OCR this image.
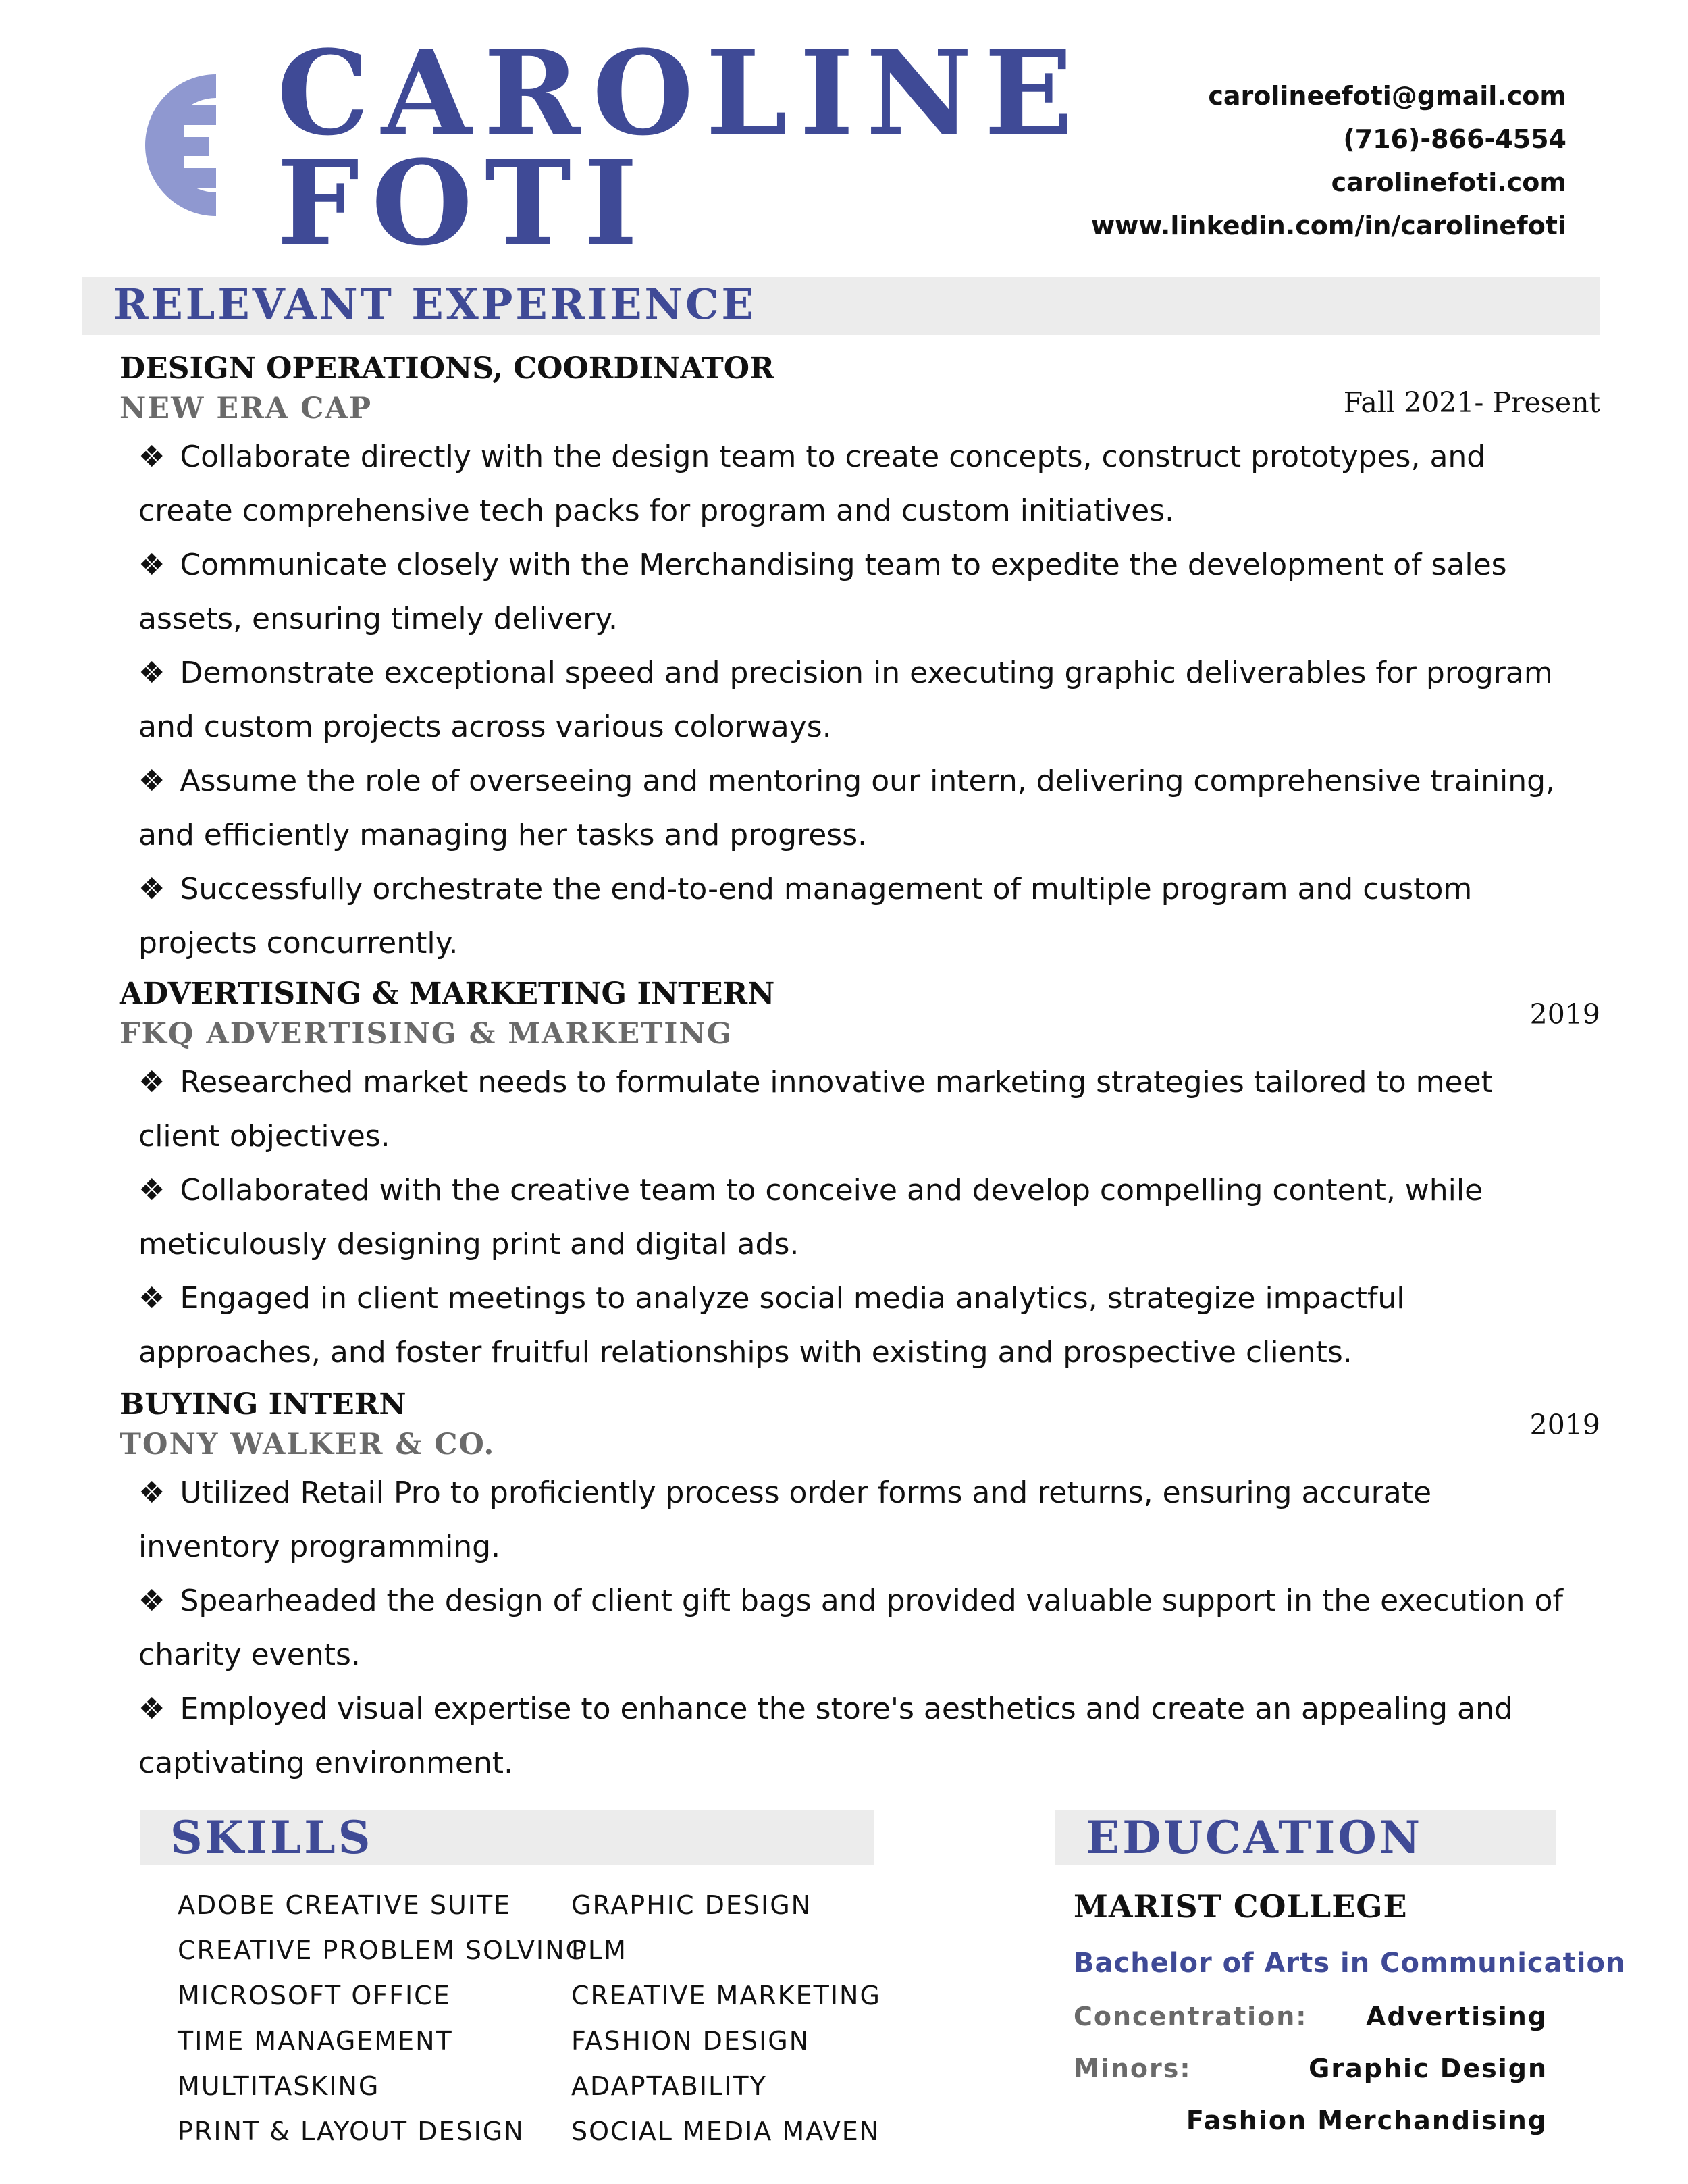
CAROLINE
FOTI
carolineefoti@gmail.com
(716)-866-4554
carolinefoti.com
www.linkedin.com/in/carolinefoti
RELEVANT EXPERIENCE
DESIGN OPERATIONS, COORDINATOR
NEW ERA CAP	Fall 2021- Present
❖ Collaborate directly with the design team to create concepts, construct prototypes, and create comprehensive tech packs for program and custom initiatives.
❖ Communicate closely with the Merchandising team to expedite the development of sales assets, ensuring timely delivery.
❖ Demonstrate exceptional speed and precision in executing graphic deliverables for program and custom projects across various colorways.
❖ Assume the role of overseeing and mentoring our intern, delivering comprehensive training, and efficiently managing her tasks and progress.
❖ Successfully orchestrate the end-to-end management of multiple program and custom projects concurrently.
ADVERTISING & MARKETING INTERN
FKQ ADVERTISING & MARKETING
2019
❖ Researched market needs to formulate innovative marketing strategies tailored to meet client objectives.
❖ Collaborated with the creative team to conceive and develop compelling content, while meticulously designing print and digital ads.
❖ Engaged in client meetings to analyze social media analytics, strategize impactful approaches, and foster fruitful relationships with existing and prospective clients.
BUYING INTERN
TONY WALKER & CO.
2019
❖ Utilized Retail Pro to proficiently process order forms and returns, ensuring accurate inventory programming.
❖ Spearheaded the design of client gift bags and provided valuable support in the execution of charity events.
❖ Employed visual expertise to enhance the store's aesthetics and create an appealing and captivating environment.
SKILLS
ADOBE CREATIVE SUITE
CREATIVE PROBLEM SOLVING
MICROSOFT OFFICE
TIME MANAGEMENT
MULTITASKING
PRINT & LAYOUT DESIGN
GRAPHIC DESIGN
PLM
CREATIVE MARKETING
FASHION DESIGN
ADAPTABILITY
SOCIAL MEDIA MAVEN
EDUCATION
MARIST COLLEGE
Bachelor of Arts in Communication
Concentration: Advertising
Minors:	Graphic Design
Fashion Merchandising
